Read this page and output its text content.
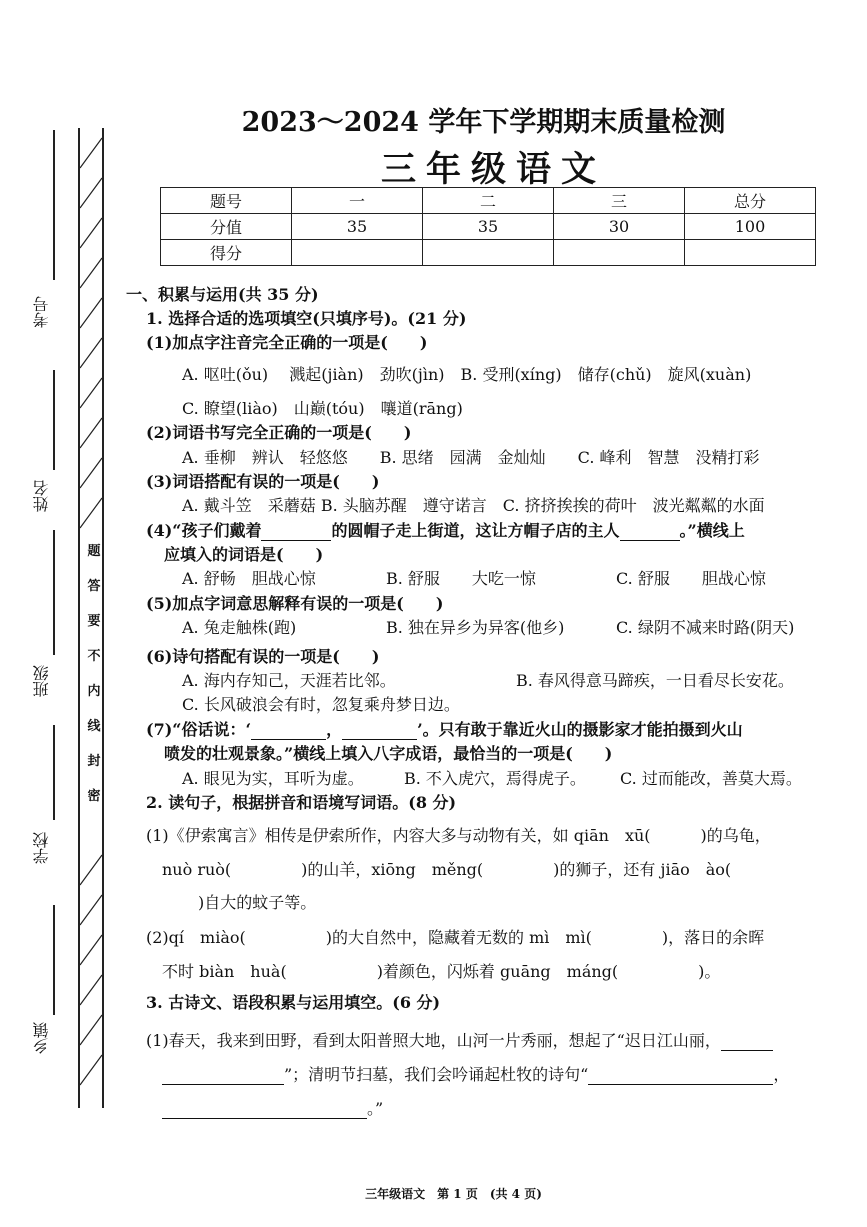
考号
姓名
班级
学校
乡镇
题
答
要
不
内
线
封
密
2023～2024 学年下学期期末质量检测
三年级语文
题号	一	二	三	总分
分值	35	35	30	100
得分				
一、积累与运用(共 35 分)
1. 选择合适的选项填空(只填序号)。(21 分)
(1)加点字注音完全正确的一项是(　　)
A. 呕吐(ǒu)　 溅起(jiàn)　劲吹(jìn)　B. 受刑(xíng)　储存(chǔ)　旋风(xuàn)
C. 瞭望(liào)　山巅(tóu)　嚷道(rāng)
(2)词语书写完全正确的一项是(　　)
A. 垂柳　辨认　轻悠悠　　B. 思绪　园满　金灿灿　　C. 峰利　智慧　没精打彩
(3)词语搭配有误的一项是(　　)
A. 戴斗笠　采蘑菇 B. 头脑苏醒　遵守诺言　C. 挤挤挨挨的荷叶　波光粼粼的水面
(4)“孩子们戴着	的圆帽子走上街道，这让方帽子店的主人	。”横线上
应填入的词语是(　　)
A. 舒畅　胆战心惊	B. 舒服　　大吃一惊	C. 舒服　　胆战心惊
(5)加点字词意思解释有误的一项是(　　)
A. 兔走触株(跑)	B. 独在异乡为异客(他乡)	C. 绿阴不减来时路(阴天)
(6)诗句搭配有误的一项是(　　)
A. 海内存知己，天涯若比邻。	B. 春风得意马蹄疾，一日看尽长安花。
C. 长风破浪会有时，忽复乘舟梦日边。
(7)“俗话说：‘	，	’。只有敢于靠近火山的摄影家才能拍摄到火山
喷发的壮观景象。”横线上填入八字成语，最恰当的一项是(　　)
A. 眼见为实，耳听为虚。	B. 不入虎穴，焉得虎子。 C. 过而能改，善莫大焉。
2. 读句子，根据拼音和语境写词语。(8 分)
(1)《伊索寓言》相传是伊索所作，内容大多与动物有关，如 qiān　xū(	)的乌龟，
nuò ruò(	)的山羊，xiōng　měng(	)的狮子，还有 jiāo　ào(
)自大的蚊子等。
(2)qí　miào(	)的大自然中，隐藏着无数的 mì　mì(	)，落日的余晖
不时 biàn　huà(	)着颜色，闪烁着 guāng　máng(	)。
3. 古诗文、语段积累与运用填空。(6 分)
(1)春天，我来到田野，看到太阳普照大地，山河一片秀丽，想起了“迟日江山丽，
”；清明节扫墓，我们会吟诵起杜牧的诗句“	，
。”
三年级语文　第 1 页　(共 4 页)
